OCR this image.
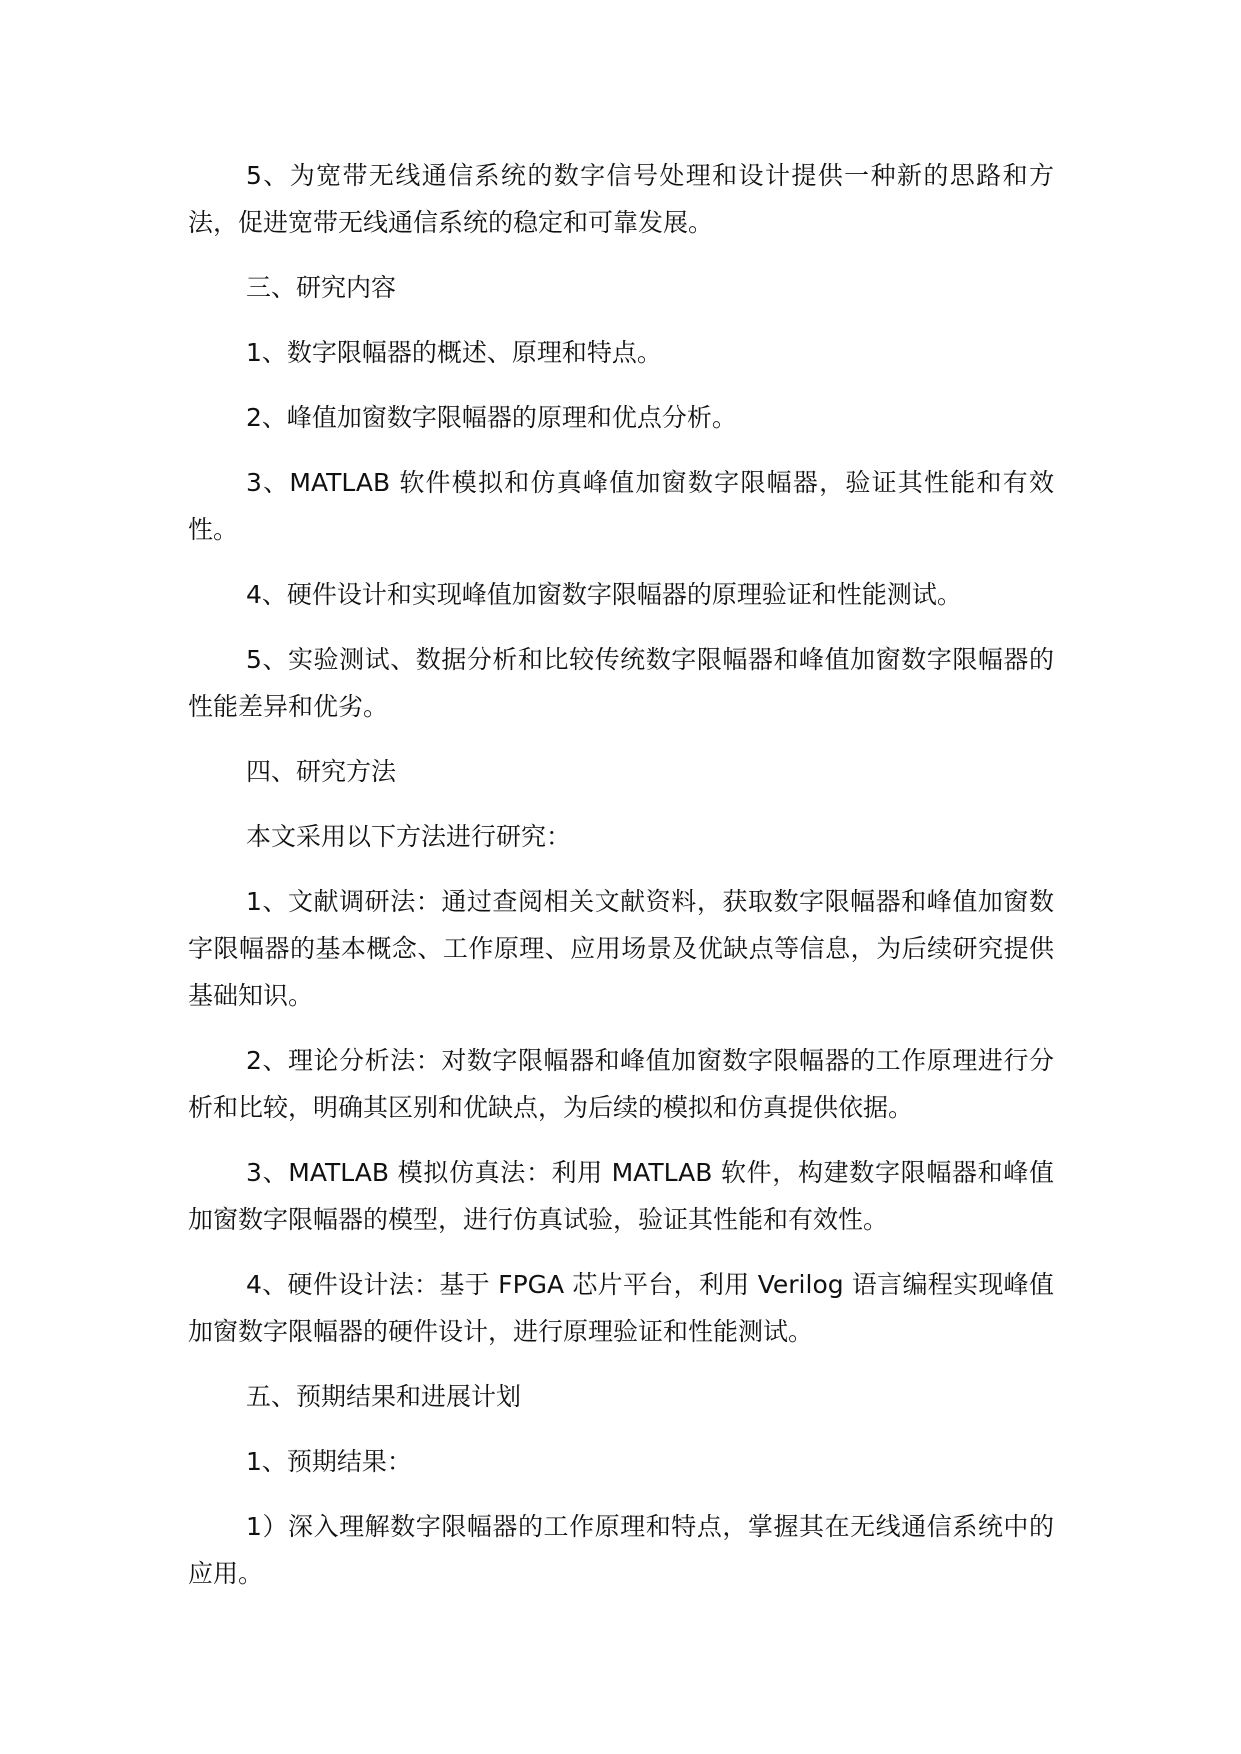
5、为宽带无线通信系统的数字信号处理和设计提供一种新的思路和方法，促进宽带无线通信系统的稳定和可靠发展。

三、研究内容

1、数字限幅器的概述、原理和特点。

2、峰值加窗数字限幅器的原理和优点分析。

3、MATLAB 软件模拟和仿真峰值加窗数字限幅器，验证其性能和有效性。

4、硬件设计和实现峰值加窗数字限幅器的原理验证和性能测试。

5、实验测试、数据分析和比较传统数字限幅器和峰值加窗数字限幅器的性能差异和优劣。

四、研究方法

本文采用以下方法进行研究：

1、文献调研法：通过查阅相关文献资料，获取数字限幅器和峰值加窗数字限幅器的基本概念、工作原理、应用场景及优缺点等信息，为后续研究提供基础知识。

2、理论分析法：对数字限幅器和峰值加窗数字限幅器的工作原理进行分析和比较，明确其区别和优缺点，为后续的模拟和仿真提供依据。

3、MATLAB 模拟仿真法：利用 MATLAB 软件，构建数字限幅器和峰值加窗数字限幅器的模型，进行仿真试验，验证其性能和有效性。

4、硬件设计法：基于 FPGA 芯片平台，利用 Verilog 语言编程实现峰值加窗数字限幅器的硬件设计，进行原理验证和性能测试。

五、预期结果和进展计划

1、预期结果：

1）深入理解数字限幅器的工作原理和特点，掌握其在无线通信系统中的应用。
